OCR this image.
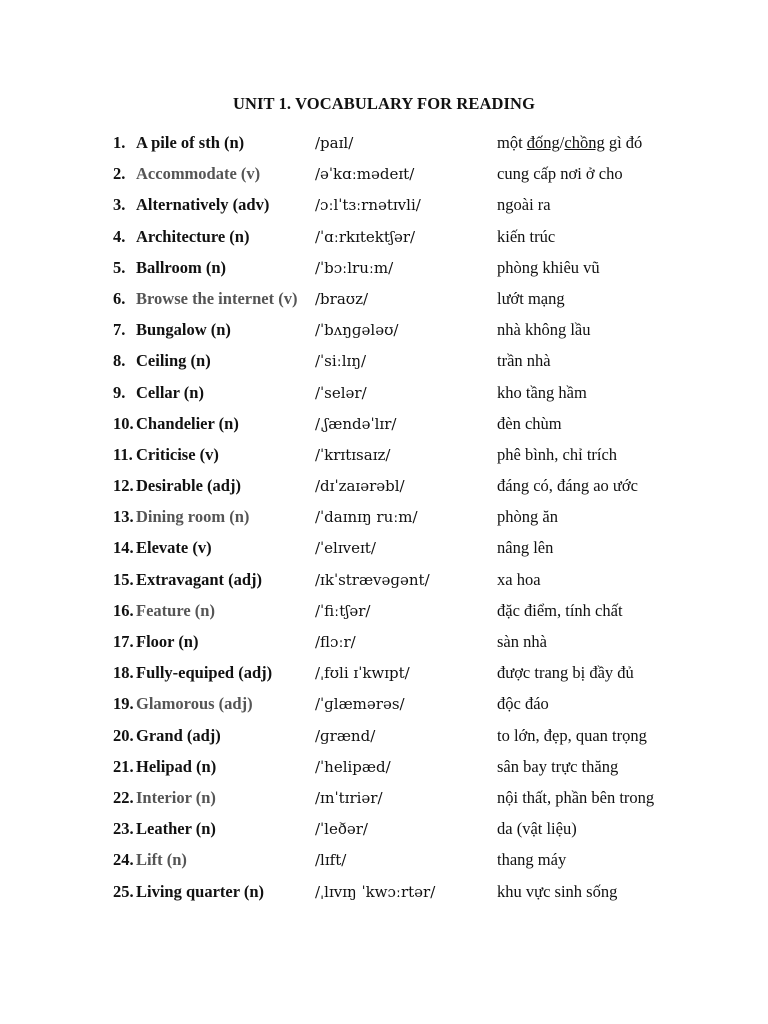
UNIT 1. VOCABULARY FOR READING
1. A pile of sth (n)	/paɪl/	một đống/chồng gì đó
2. Accommodate (v)	/əˈkɑːmədeɪt/	cung cấp nơi ở cho
3. Alternatively (adv)	/ɔːlˈtɜːrnətɪvli/	ngoài ra
4. Architecture (n)	/ˈɑːrkɪtektʃər/	kiến trúc
5. Ballroom (n)	/ˈbɔːlruːm/	phòng khiêu vũ
6. Browse the internet (v) /braʊz/	lướt mạng
7. Bungalow (n)	/ˈbʌŋɡələʊ/	nhà không lầu
8. Ceiling (n)	/ˈsiːlɪŋ/	trần nhà
9. Cellar (n)	/ˈselər/	kho tầng hầm
10. Chandelier (n)	/ˌʃændəˈlɪr/	đèn chùm
11. Criticise (v)	/ˈkrɪtɪsaɪz/	phê bình, chỉ trích
12. Desirable (adj)	/dɪˈzaɪərəbl/	đáng có, đáng ao ước
13. Dining room (n)	/ˈdaɪnɪŋ ruːm/	phòng ăn
14. Elevate (v)	/ˈelɪveɪt/	nâng lên
15. Extravagant (adj)	/ɪkˈstrævəɡənt/	xa hoa
16. Feature (n)	/ˈfiːtʃər/	đặc điểm, tính chất
17. Floor (n)	/flɔːr/	sàn nhà
18. Fully-equiped (adj)	/ˌfʊli ɪˈkwɪpt/	được trang bị đầy đủ
19. Glamorous (adj)	/ˈɡlæmərəs/	độc đáo
20. Grand (adj)	/ɡrænd/	to lớn, đẹp, quan trọng
21. Helipad (n)	/ˈhelipæd/	sân bay trực thăng
22. Interior (n)	/ɪnˈtɪriər/	nội thất, phần bên trong
23. Leather (n)	/ˈleðər/	da (vật liệu)
24. Lift (n)	/lɪft/	thang máy
25. Living quarter (n)	/ˌlɪvɪŋ ˈkwɔːrtər/	khu vực sinh sống
